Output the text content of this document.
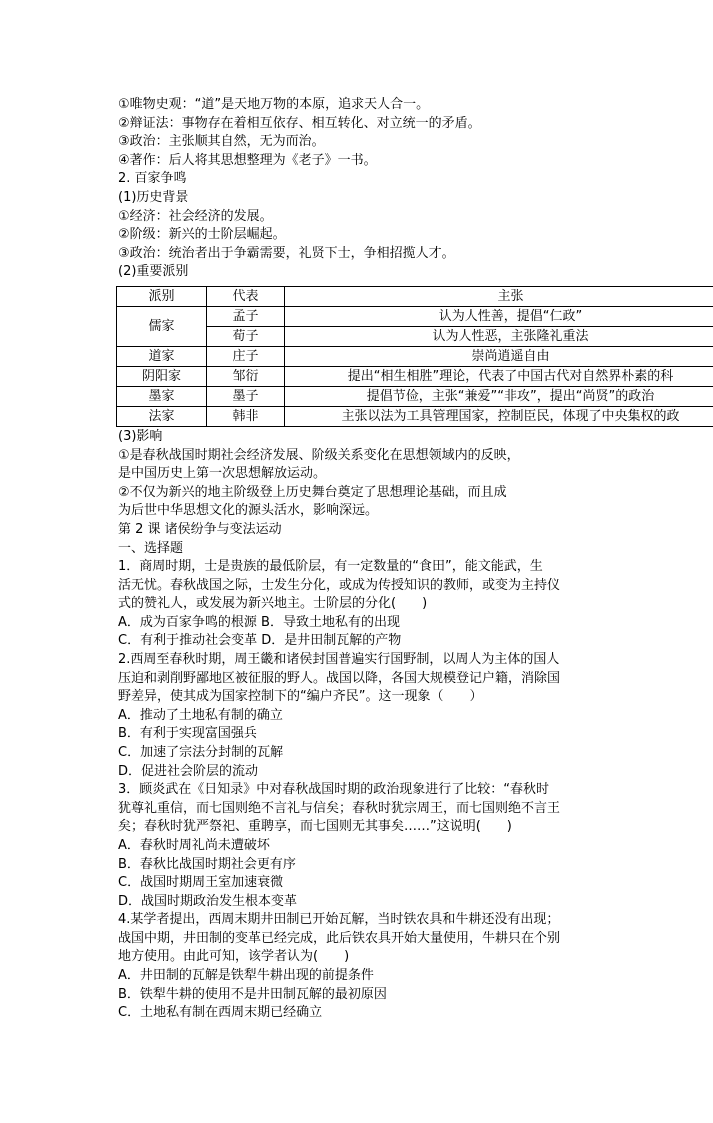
①唯物史观：“道”是天地万物的本原，追求天人合一。
②辩证法：事物存在着相互依存、相互转化、对立统一的矛盾。
③政治：主张顺其自然，无为而治。
④著作：后人将其思想整理为《老子》一书。
2. 百家争鸣
(1)历史背景
①经济：社会经济的发展。
②阶级：新兴的士阶层崛起。
③政治：统治者出于争霸需要，礼贤下士，争相招揽人才。
(2)重要派别
派别	代表	主张
儒家	孟子	认为人性善，提倡“仁政”
	荀子	认为人性恶，主张隆礼重法
道家	庄子	崇尚逍遥自由
阴阳家	邹衍	提出“相生相胜”理论，代表了中国古代对自然界朴素的科
墨家	墨子	提倡节俭，主张“兼爱”“非攻”，提出“尚贤”的政治
法家	韩非	主张以法为工具管理国家，控制臣民，体现了中央集权的政
(3)影响
①是春秋战国时期社会经济发展、阶级关系变化在思想领域内的反映，
是中国历史上第一次思想解放运动。
②不仅为新兴的地主阶级登上历史舞台奠定了思想理论基础，而且成
为后世中华思想文化的源头活水，影响深远。
第 2 课 诸侯纷争与变法运动
一、选择题
1．商周时期，士是贵族的最低阶层，有一定数量的“食田”，能文能武，生
活无忧。春秋战国之际，士发生分化，或成为传授知识的教师，或变为主持仪
式的赞礼人，或发展为新兴地主。士阶层的分化(　　)
A．成为百家争鸣的根源 B．导致土地私有的出现
C．有利于推动社会变革 D．是井田制瓦解的产物
2.西周至春秋时期，周王畿和诸侯封国普遍实行国野制，以周人为主体的国人
压迫和剥削野鄙地区被征服的野人。战国以降，各国大规模登记户籍，消除国
野差异，使其成为国家控制下的“编户齐民”。这一现象（　　）
A．推动了土地私有制的确立
B．有利于实现富国强兵
C．加速了宗法分封制的瓦解
D．促进社会阶层的流动
3．顾炎武在《日知录》中对春秋战国时期的政治现象进行了比较：“春秋时
犹尊礼重信，而七国则绝不言礼与信矣；春秋时犹宗周王，而七国则绝不言王
矣；春秋时犹严祭祀、重聘享，而七国则无其事矣……”这说明(　　)
A．春秋时周礼尚未遭破坏
B．春秋比战国时期社会更有序
C．战国时期周王室加速衰微
D．战国时期政治发生根本变革
4.某学者提出，西周末期井田制已开始瓦解，当时铁农具和牛耕还没有出现；
战国中期，井田制的变革已经完成，此后铁农具开始大量使用，牛耕只在个别
地方使用。由此可知，该学者认为(　　)
A．井田制的瓦解是铁犁牛耕出现的前提条件
B．铁犁牛耕的使用不是井田制瓦解的最初原因
C．土地私有制在西周末期已经确立
